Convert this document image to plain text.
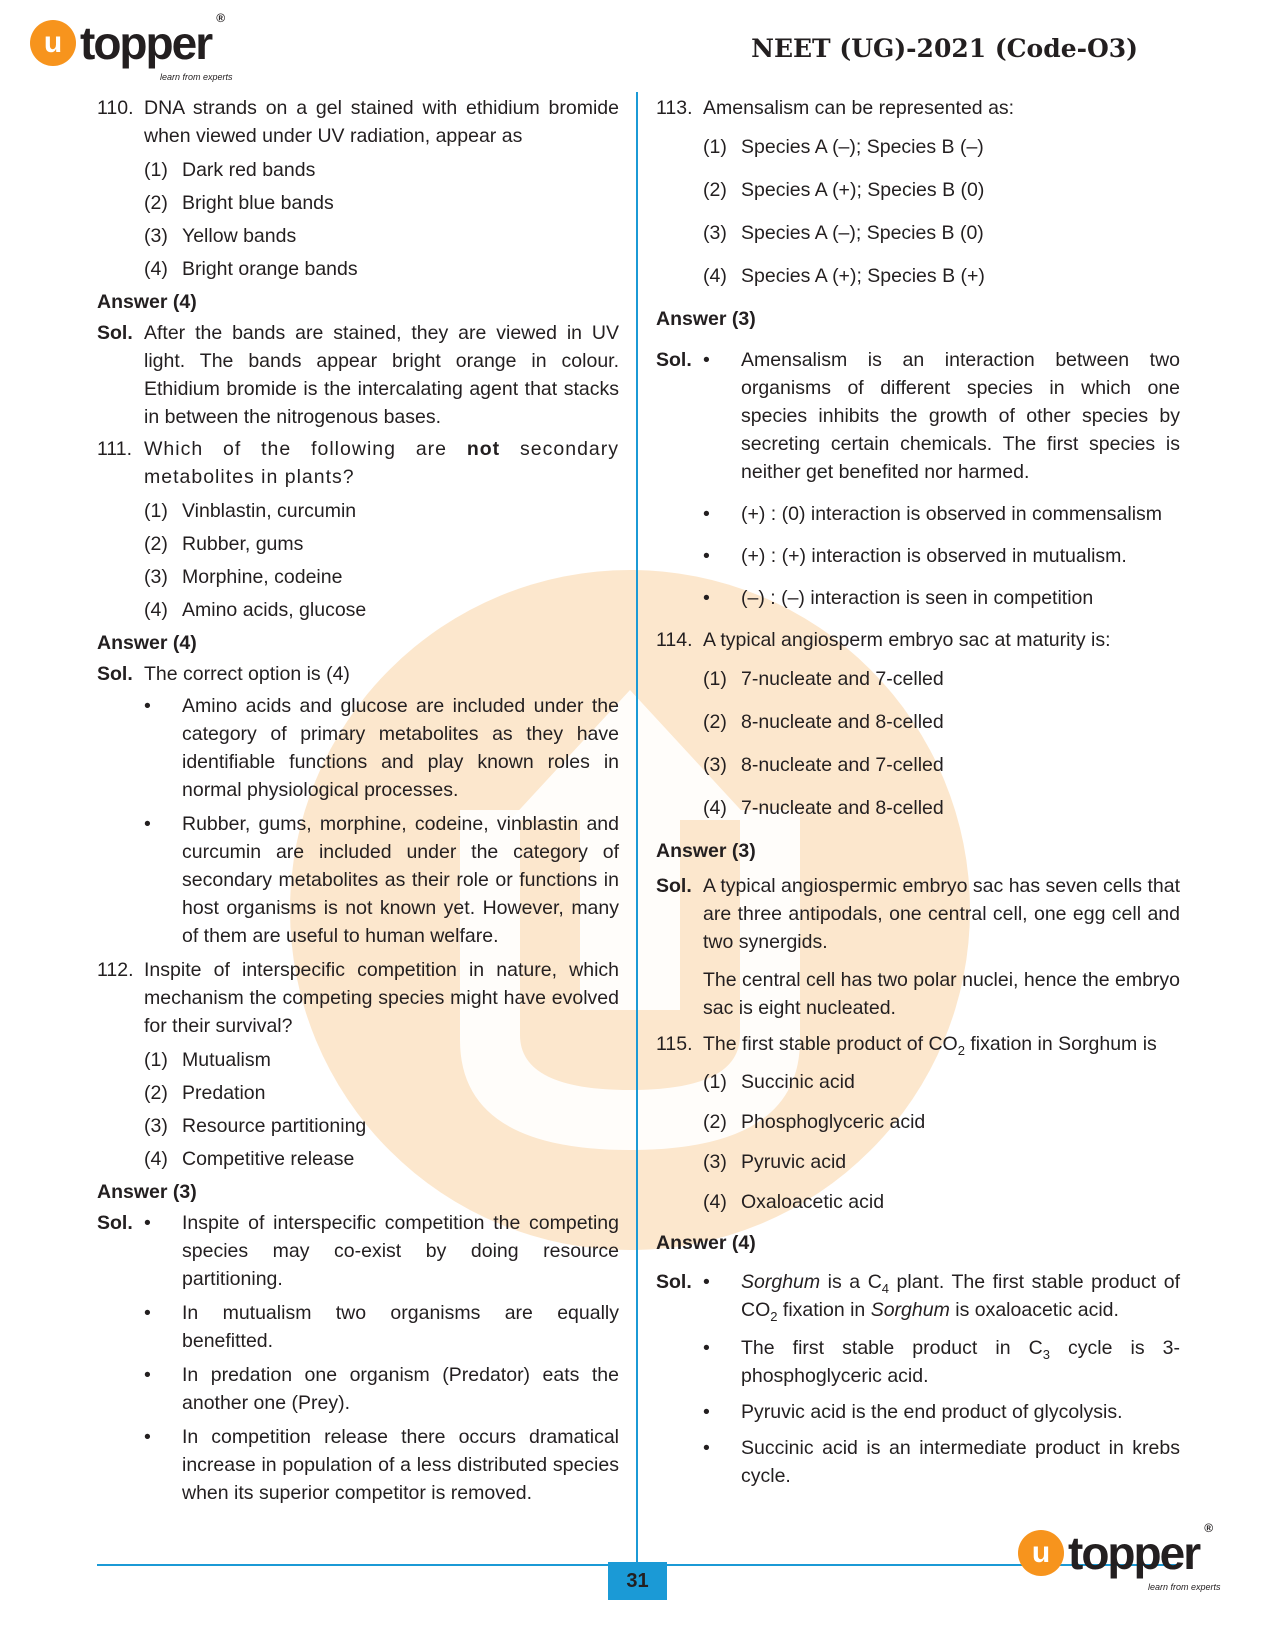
u topper ®
learn from experts
NEET (UG)-2021 (Code-O3)
31
u topper ®
learn from experts
110. DNA strands on a gel stained with ethidium bromide when viewed under UV radiation, appear as
(1) Dark red bands
(2) Bright blue bands
(3) Yellow bands
(4) Bright orange bands
Answer (4)
Sol. After the bands are stained, they are viewed in UV light. The bands appear bright orange in colour. Ethidium bromide is the intercalating agent that stacks in between the nitrogenous bases.
111. Which of the following are not secondary metabolites in plants?
(1) Vinblastin, curcumin
(2) Rubber, gums
(3) Morphine, codeine
(4) Amino acids, glucose
Answer (4)
Sol. The correct option is (4)
•	Amino acids and glucose are included under the category of primary metabolites as they have identifiable functions and play known roles in normal physiological processes.
•	Rubber, gums, morphine, codeine, vinblastin and curcumin are included under the category of secondary metabolites as their role or functions in host organisms is not known yet. However, many of them are useful to human welfare.
112. Inspite of interspecific competition in nature, which mechanism the competing species might have evolved for their survival?
(1) Mutualism
(2) Predation
(3) Resource partitioning
(4) Competitive release
Answer (3)
Sol. •	Inspite of interspecific competition the competing species may co-exist by doing resource partitioning.
•	In mutualism two organisms are equally benefitted.
•	In predation one organism (Predator) eats the another one (Prey).
•	In competition release there occurs dramatical increase in population of a less distributed species when its superior competitor is removed.
113. Amensalism can be represented as:
(1) Species A (–); Species B (–)
(2) Species A (+); Species B (0)
(3) Species A (–); Species B (0)
(4) Species A (+); Species B (+)
Answer (3)
Sol. •	Amensalism is an interaction between two organisms of different species in which one species inhibits the growth of other species by secreting certain chemicals. The first species is neither get benefited nor harmed.
•	(+) : (0) interaction is observed in commensalism
•	(+) : (+) interaction is observed in mutualism.
•	(–) : (–) interaction is seen in competition
114. A typical angiosperm embryo sac at maturity is:
(1) 7-nucleate and 7-celled
(2) 8-nucleate and 8-celled
(3) 8-nucleate and 7-celled
(4) 7-nucleate and 8-celled
Answer (3)
Sol. A typical angiospermic embryo sac has seven cells that are three antipodals, one central cell, one egg cell and two synergids.
The central cell has two polar nuclei, hence the embryo sac is eight nucleated.
115. The first stable product of $CO_2$ fixation in Sorghum is
(1) Succinic acid
(2) Phosphoglyceric acid
(3) Pyruvic acid
(4) Oxaloacetic acid
Answer (4)
Sol. •	Sorghum is a $C_4$ plant. The first stable product of $CO_2$ fixation in Sorghum is oxaloacetic acid.
•	The first stable product in $C_3$ cycle is 3-phosphoglyceric acid.
•	Pyruvic acid is the end product of glycolysis.
•	Succinic acid is an intermediate product in krebs cycle.
